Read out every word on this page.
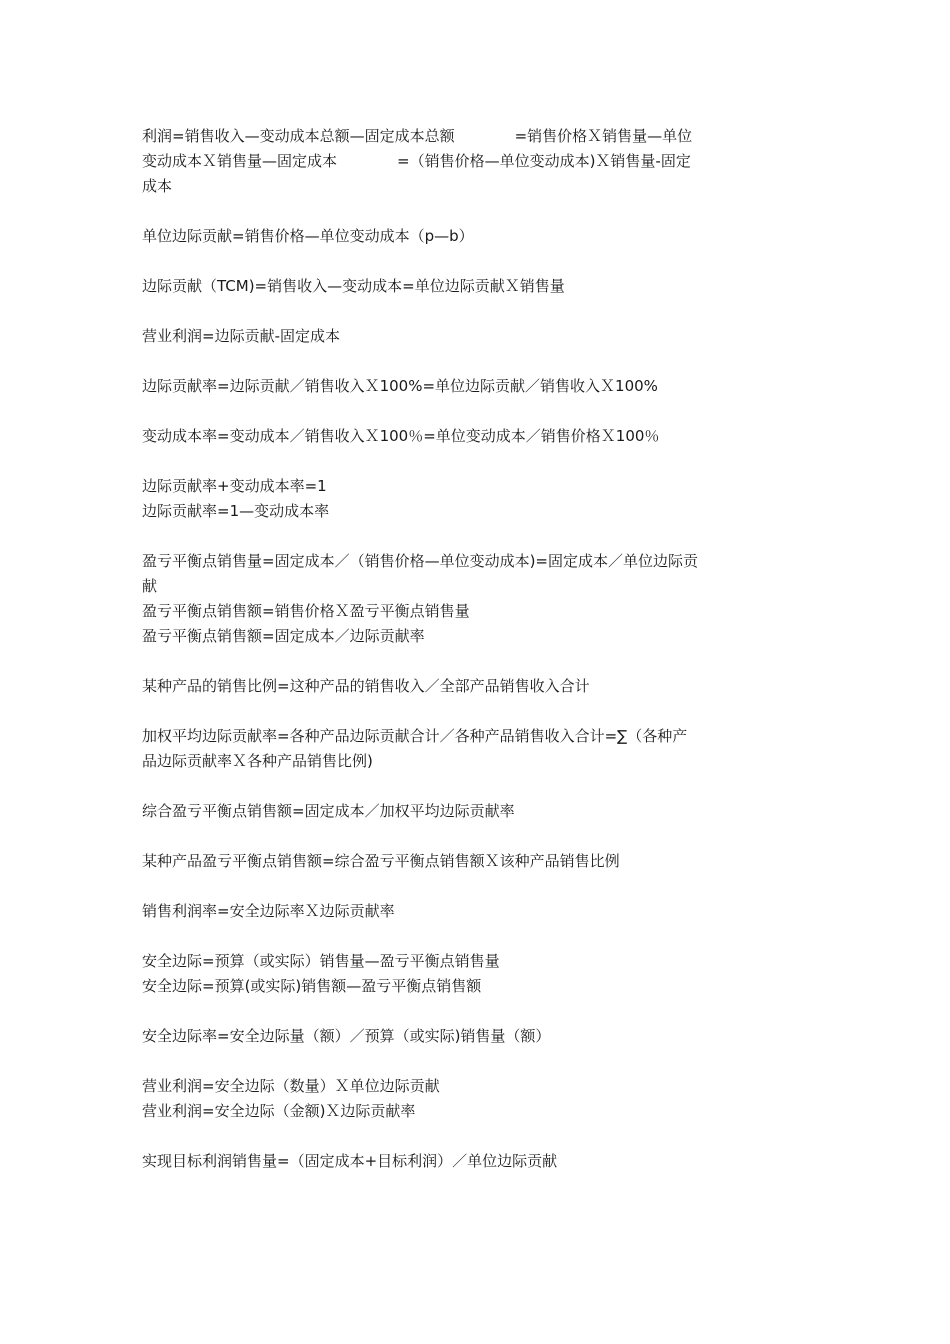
利润=销售收入—变动成本总额—固定成本总额　　　　=销售价格Ｘ销售量—单位
变动成本Ｘ销售量—固定成本　　　　=（销售价格—单位变动成本)Ｘ销售量-固定
成本
单位边际贡献=销售价格—单位变动成本（p—b）
边际贡献（TCM)=销售收入—变动成本=单位边际贡献Ｘ销售量
营业利润=边际贡献-固定成本
边际贡献率=边际贡献／销售收入Ｘ100%=单位边际贡献／销售收入Ｘ100%
变动成本率=变动成本／销售收入Ｘ100％=单位变动成本／销售价格Ｘ100％
边际贡献率+变动成本率=1
边际贡献率=1—变动成本率
盈亏平衡点销售量=固定成本／（销售价格—单位变动成本)=固定成本／单位边际贡
献
盈亏平衡点销售额=销售价格Ｘ盈亏平衡点销售量
盈亏平衡点销售额=固定成本／边际贡献率
某种产品的销售比例=这种产品的销售收入／全部产品销售收入合计
加权平均边际贡献率=各种产品边际贡献合计／各种产品销售收入合计=∑（各种产
品边际贡献率Ｘ各种产品销售比例)
综合盈亏平衡点销售额=固定成本／加权平均边际贡献率
某种产品盈亏平衡点销售额=综合盈亏平衡点销售额Ｘ该种产品销售比例
销售利润率=安全边际率Ｘ边际贡献率
安全边际=预算（或实际）销售量—盈亏平衡点销售量
安全边际=预算(或实际)销售额—盈亏平衡点销售额
安全边际率=安全边际量（额）／预算（或实际)销售量（额）
营业利润=安全边际（数量）Ｘ单位边际贡献
营业利润=安全边际（金额)Ｘ边际贡献率
实现目标利润销售量=（固定成本+目标利润）／单位边际贡献
